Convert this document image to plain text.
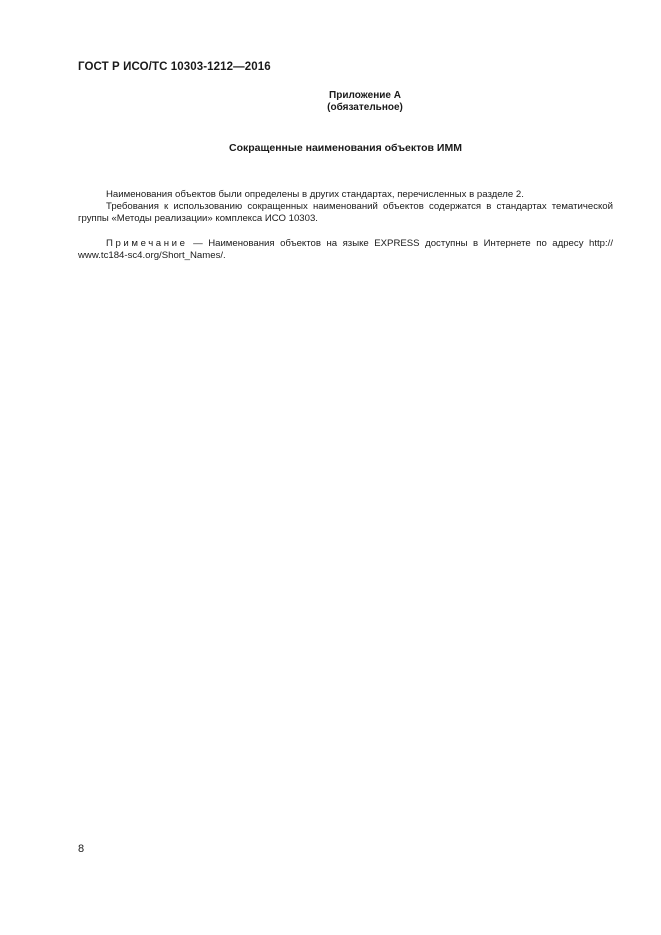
ГОСТ Р ИСО/ТС 10303-1212—2016
Приложение А
(обязательное)
Сокращенные наименования объектов ИММ

Наименования объектов были определены в других стандартах, перечисленных в разделе 2.

Требования к использованию сокращенных наименований объектов содержатся в стандартах тематической группы «Методы реализации» комплекса ИСО 10303.

Примечание — Наименования объектов на языке EXPRESS доступны в Интернете по адресу http:// www.tc184-sc4.org/Short_Names/.

8
